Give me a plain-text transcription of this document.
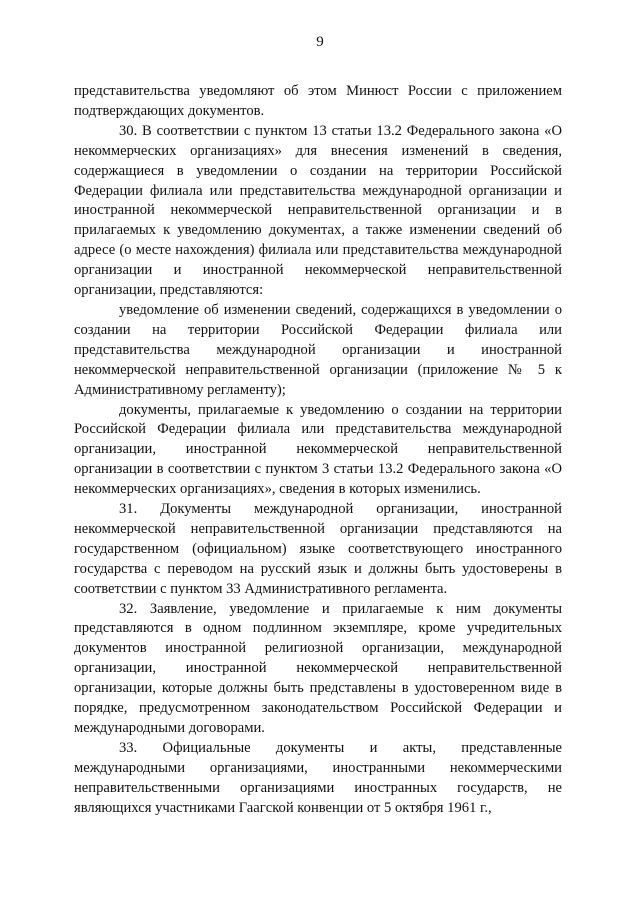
9

представительства уведомляют об этом Минюст России с приложением подтверждающих документов.

30. В соответствии с пунктом 13 статьи 13.2 Федерального закона «О некоммерческих организациях» для внесения изменений в сведения, содержащиеся в уведомлении о создании на территории Российской Федерации филиала или представительства международной организации и иностранной некоммерческой неправительственной организации и в прилагаемых к уведомлению документах, а также изменении сведений об адресе (о месте нахождения) филиала или представительства международной организации и иностранной некоммерческой неправительственной организации, представляются:

уведомление об изменении сведений, содержащихся в уведомлении о создании на территории Российской Федерации филиала или представительства международной организации и иностранной некоммерческой неправительственной организации (приложение № 5 к Административному регламенту);

документы, прилагаемые к уведомлению о создании на территории Российской Федерации филиала или представительства международной организации, иностранной некоммерческой неправительственной организации в соответствии с пунктом 3 статьи 13.2 Федерального закона «О некоммерческих организациях», сведения в которых изменились.

31. Документы международной организации, иностранной некоммерческой неправительственной организации представляются на государственном (официальном) языке соответствующего иностранного государства с переводом на русский язык и должны быть удостоверены в соответствии с пунктом 33 Административного регламента.

32. Заявление, уведомление и прилагаемые к ним документы представляются в одном подлинном экземпляре, кроме учредительных документов иностранной религиозной организации, международной организации, иностранной некоммерческой неправительственной организации, которые должны быть представлены в удостоверенном виде в порядке, предусмотренном законодательством Российской Федерации и международными договорами.

33. Официальные документы и акты, представленные международными организациями, иностранными некоммерческими неправительственными организациями иностранных государств, не являющихся участниками Гаагской конвенции от 5 октября 1961 г.,
